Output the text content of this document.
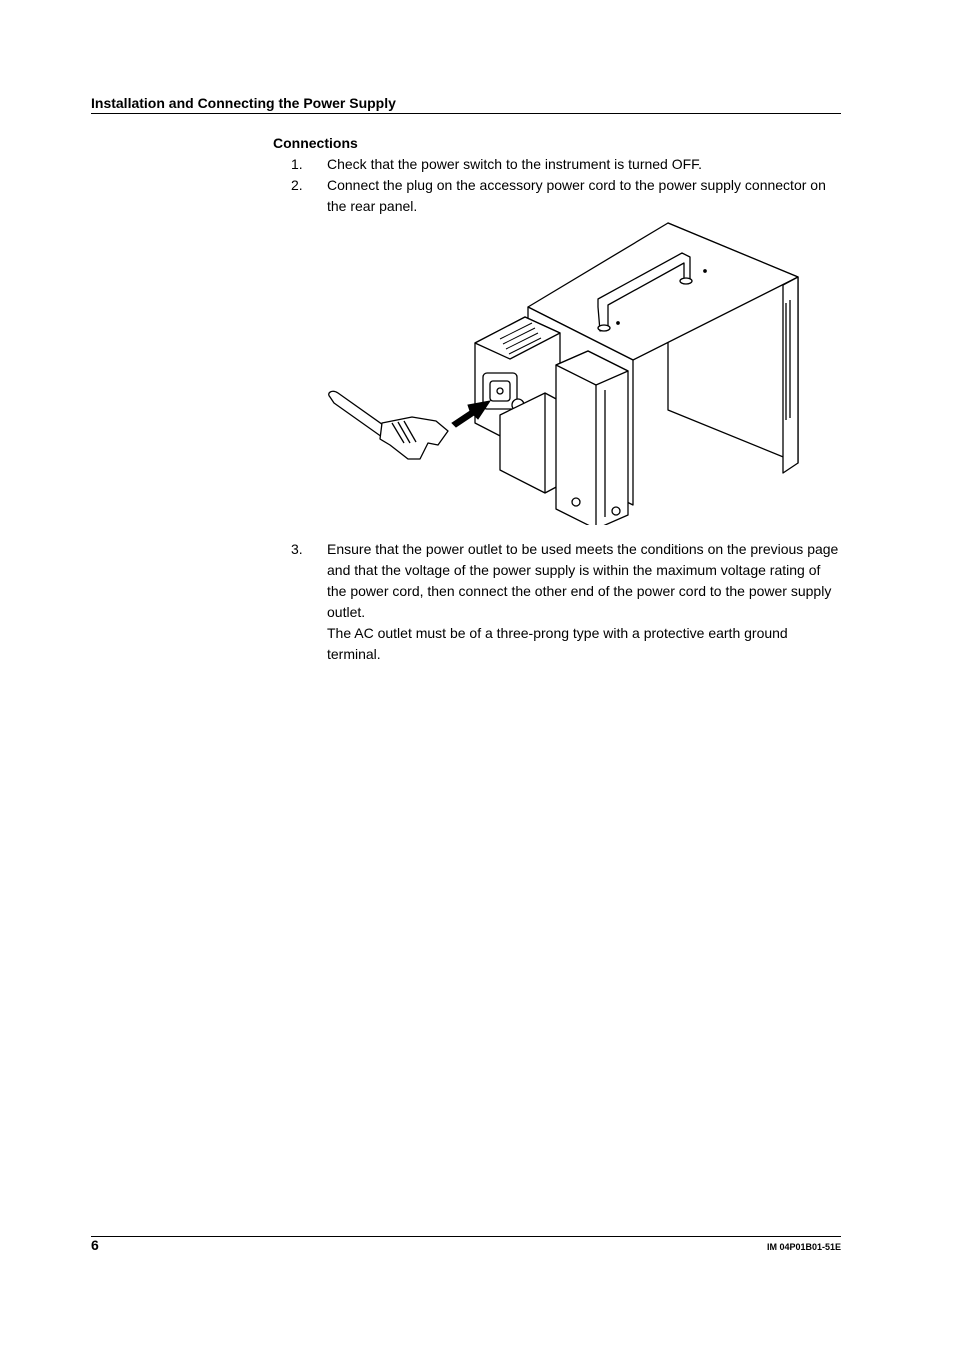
Installation and Connecting the Power Supply
Connections
1. Check that the power switch to the instrument is turned OFF.
2. Connect the plug on the accessory power cord to the power supply connector on the rear panel.
3. Ensure that the power outlet to be used meets the conditions on the previous page and that the voltage of the power supply is within the maximum voltage rating of the power cord, then connect the other end of the power cord to the power supply outlet.
The AC outlet must be of a three-prong type with a protective earth ground terminal.
6	IM 04P01B01-51E
